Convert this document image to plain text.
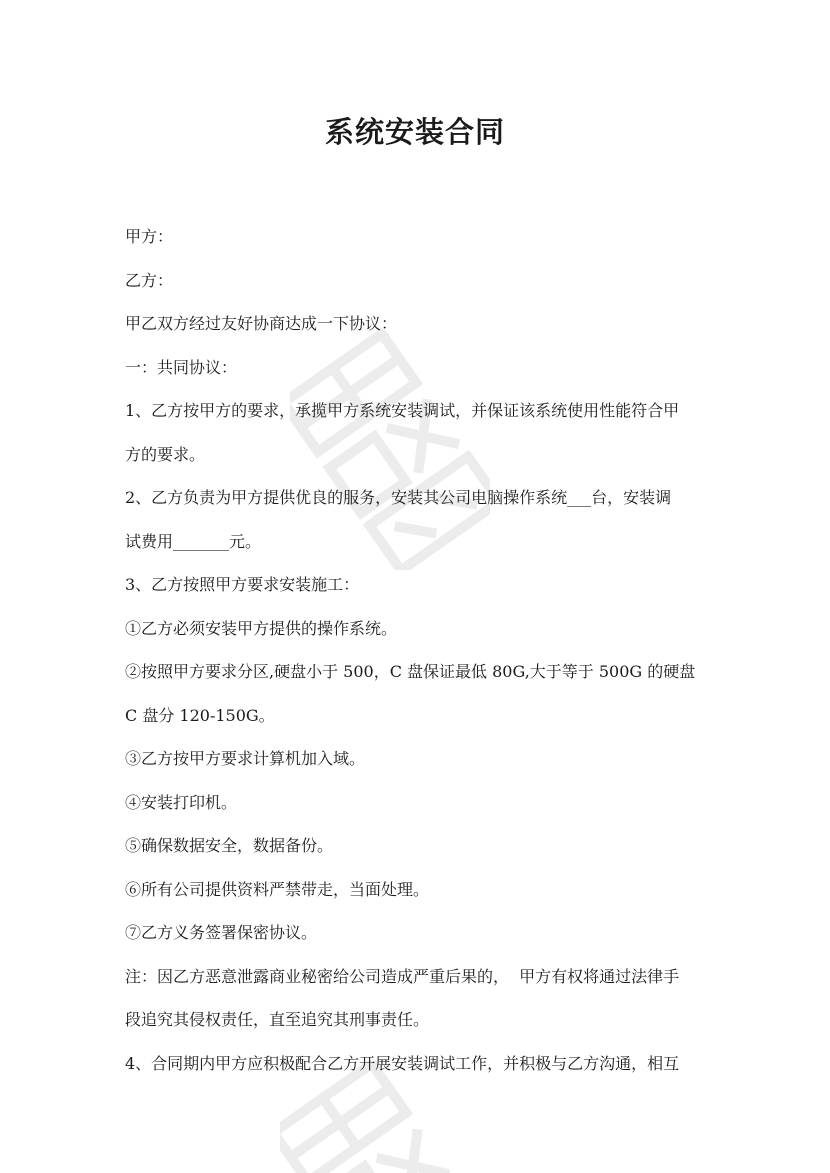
系统安装合同

甲方：

乙方：

甲乙双方经过友好协商达成一下协议：

一：共同协议：

1、乙方按甲方的要求，承揽甲方系统安装调试，并保证该系统使用性能符合甲

方的要求。

2、乙方负责为甲方提供优良的服务，安装其公司电脑操作系统___台，安装调

试费用_______元。

3、乙方按照甲方要求安装施工：

①乙方必须安装甲方提供的操作系统。

②按照甲方要求分区,硬盘小于 500，C 盘保证最低 80G,大于等于 500G 的硬盘

C 盘分 120-150G。

③乙方按甲方要求计算机加入域。

④安装打印机。

⑤确保数据安全，数据备份。

⑥所有公司提供资料严禁带走，当面处理。

⑦乙方义务签署保密协议。

注：因乙方恶意泄露商业秘密给公司造成严重后果的，  甲方有权将通过法律手

段追究其侵权责任，直至追究其刑事责任。

4、合同期内甲方应积极配合乙方开展安装调试工作，并积极与乙方沟通，相互
